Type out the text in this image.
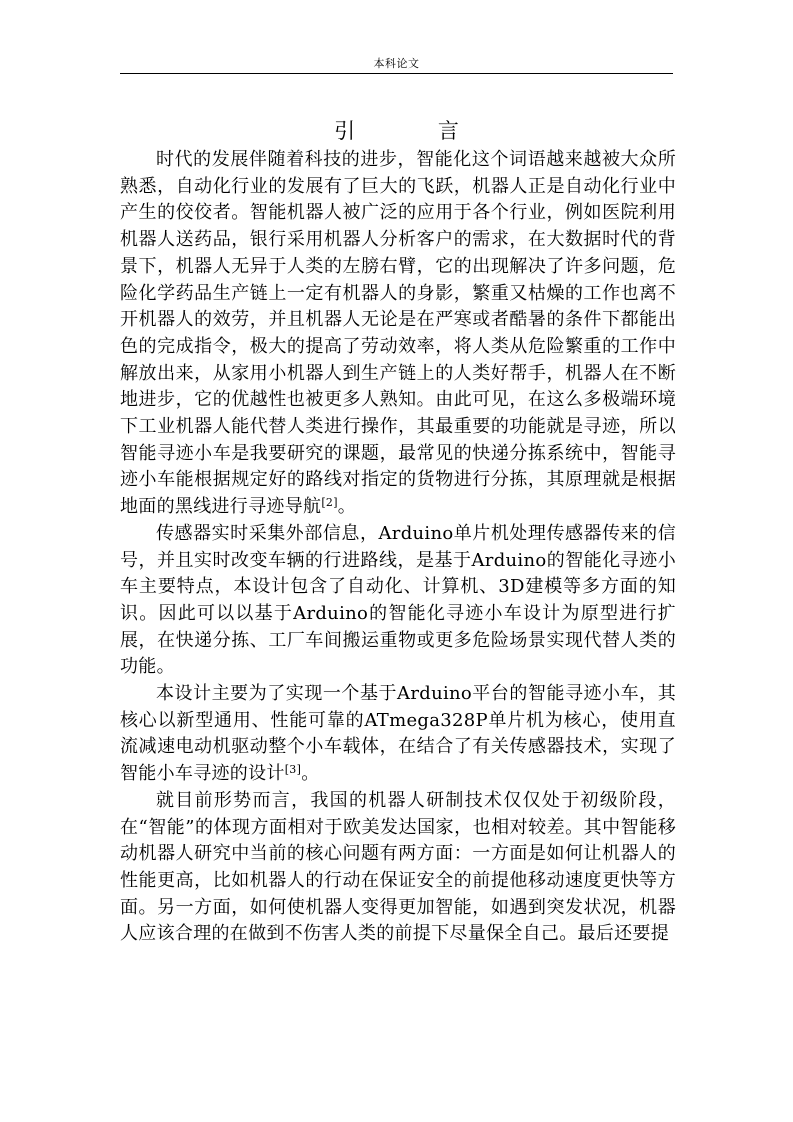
本科论文
引 言

时代的发展伴随着科技的进步，智能化这个词语越来越被大众所熟悉，自动化行业的发展有了巨大的飞跃，机器人正是自动化行业中产生的佼佼者。智能机器人被广泛的应用于各个行业，例如医院利用机器人送药品，银行采用机器人分析客户的需求，在大数据时代的背景下，机器人无异于人类的左膀右臂，它的出现解决了许多问题，危险化学药品生产链上一定有机器人的身影，繁重又枯燥的工作也离不开机器人的效劳，并且机器人无论是在严寒或者酷暑的条件下都能出色的完成指令，极大的提高了劳动效率，将人类从危险繁重的工作中解放出来，从家用小机器人到生产链上的人类好帮手，机器人在不断地进步，它的优越性也被更多人熟知。由此可见，在这么多极端环境下工业机器人能代替人类进行操作，其最重要的功能就是寻迹，所以智能寻迹小车是我要研究的课题，最常见的快递分拣系统中，智能寻迹小车能根据规定好的路线对指定的货物进行分拣，其原理就是根据地面的黑线进行寻迹导航[2]。

传感器实时采集外部信息，Arduino单片机处理传感器传来的信号，并且实时改变车辆的行进路线，是基于Arduino的智能化寻迹小车主要特点，本设计包含了自动化、计算机、3D建模等多方面的知识。因此可以以基于Arduino的智能化寻迹小车设计为原型进行扩展，在快递分拣、工厂车间搬运重物或更多危险场景实现代替人类的功能。

本设计主要为了实现一个基于Arduino平台的智能寻迹小车，其核心以新型通用、性能可靠的ATmega328P单片机为核心，使用直流减速电动机驱动整个小车载体，在结合了有关传感器技术，实现了智能小车寻迹的设计[3]。

就目前形势而言，我国的机器人研制技术仅仅处于初级阶段，在“智能”的体现方面相对于欧美发达国家，也相对较差。其中智能移动机器人研究中当前的核心问题有两方面：一方面是如何让机器人的性能更高，比如机器人的行动在保证安全的前提他移动速度更快等方面。另一方面，如何使机器人变得更加智能，如遇到突发状况，机器人应该合理的在做到不伤害人类的前提下尽量保全自己。最后还要提
